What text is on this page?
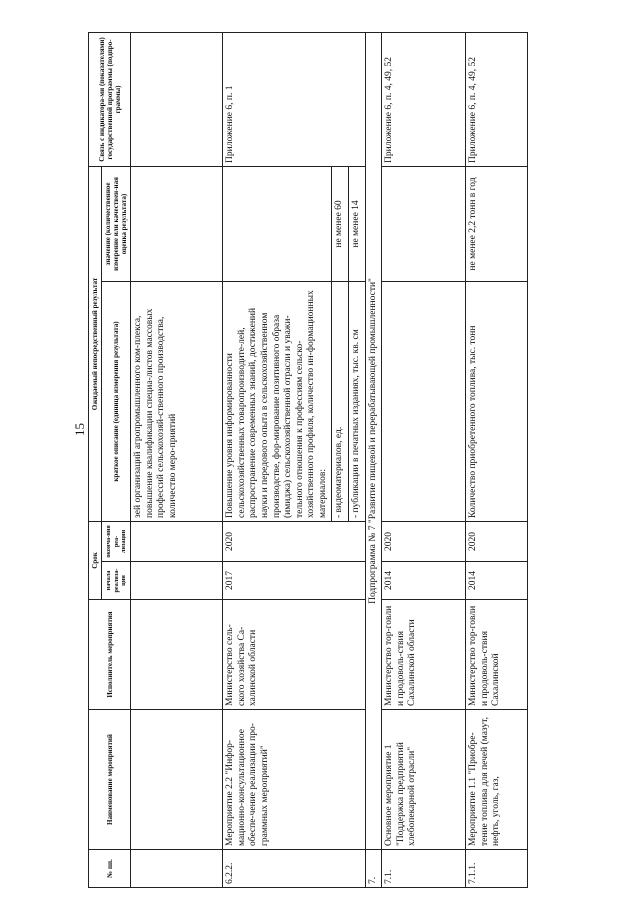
15
№ пп.	Наименование мероприятий	Исполнитель мероприятия	Срок		Ожидаемый непосредственный результат		Связь с индикатора-ми (показателями) государственной программы (подпро-граммы)
			начала реализа-ции	оконча-ния реа-лизации	краткое описание (единица измерения результата)	значение (количественное измерение или качествен-ная оценка результата)	
					зей организаций агропромышленного ком-плекса, повышение квалификации специа-листов массовых профессий сельскохозяй-ственного производства, количество меро-приятий		
6.2.2.	Мероприятие 2.2 "Инфор-мационно-консультационное обеспе-чение реализации про-граммных мероприятий"	Министерство сель-ского хозяйства Са-халинской области	2017	2020	Повышение уровня информированности сельскохозяйственных товаропроизводите-лей, распространение современных знаний, достижений науки и передового опыта в сельскохозяйственном производстве, фор-мирование позитивного образа (имиджа) сельскохозяйственной отрасли и уважи-тельного отношения к профессиям сельско-хозяйственного профиля, количество ин-формационных материалов:		Приложение 6, п. 1
					- видеоматериалов, ед.	не менее 60	
					- публикации в печатных изданиях, тыс. кв. см	не менее 14	
7.	Подпрограмма № 7 "Развитие пищевой и перерабатывающей промышленности"						
7.1.	Основное мероприятие 1 "Поддержка предприятий хлебопекарной отрасли"	Министерство тор-говли и продоволь-ствия Сахалинской области	2014	2020			Приложение 6, п. 4, 49, 52
7.1.1.	Мероприятие 1.1 "Приобре-тение топлива для печей (мазут, нефть, уголь, газ,	Министерство тор-говли и продоволь-ствия Сахалинской	2014	2020	Количество приобретенного топлива, тыс. тонн	не менее 2,2 тонн в год	Приложение 6, п. 4, 49, 52
